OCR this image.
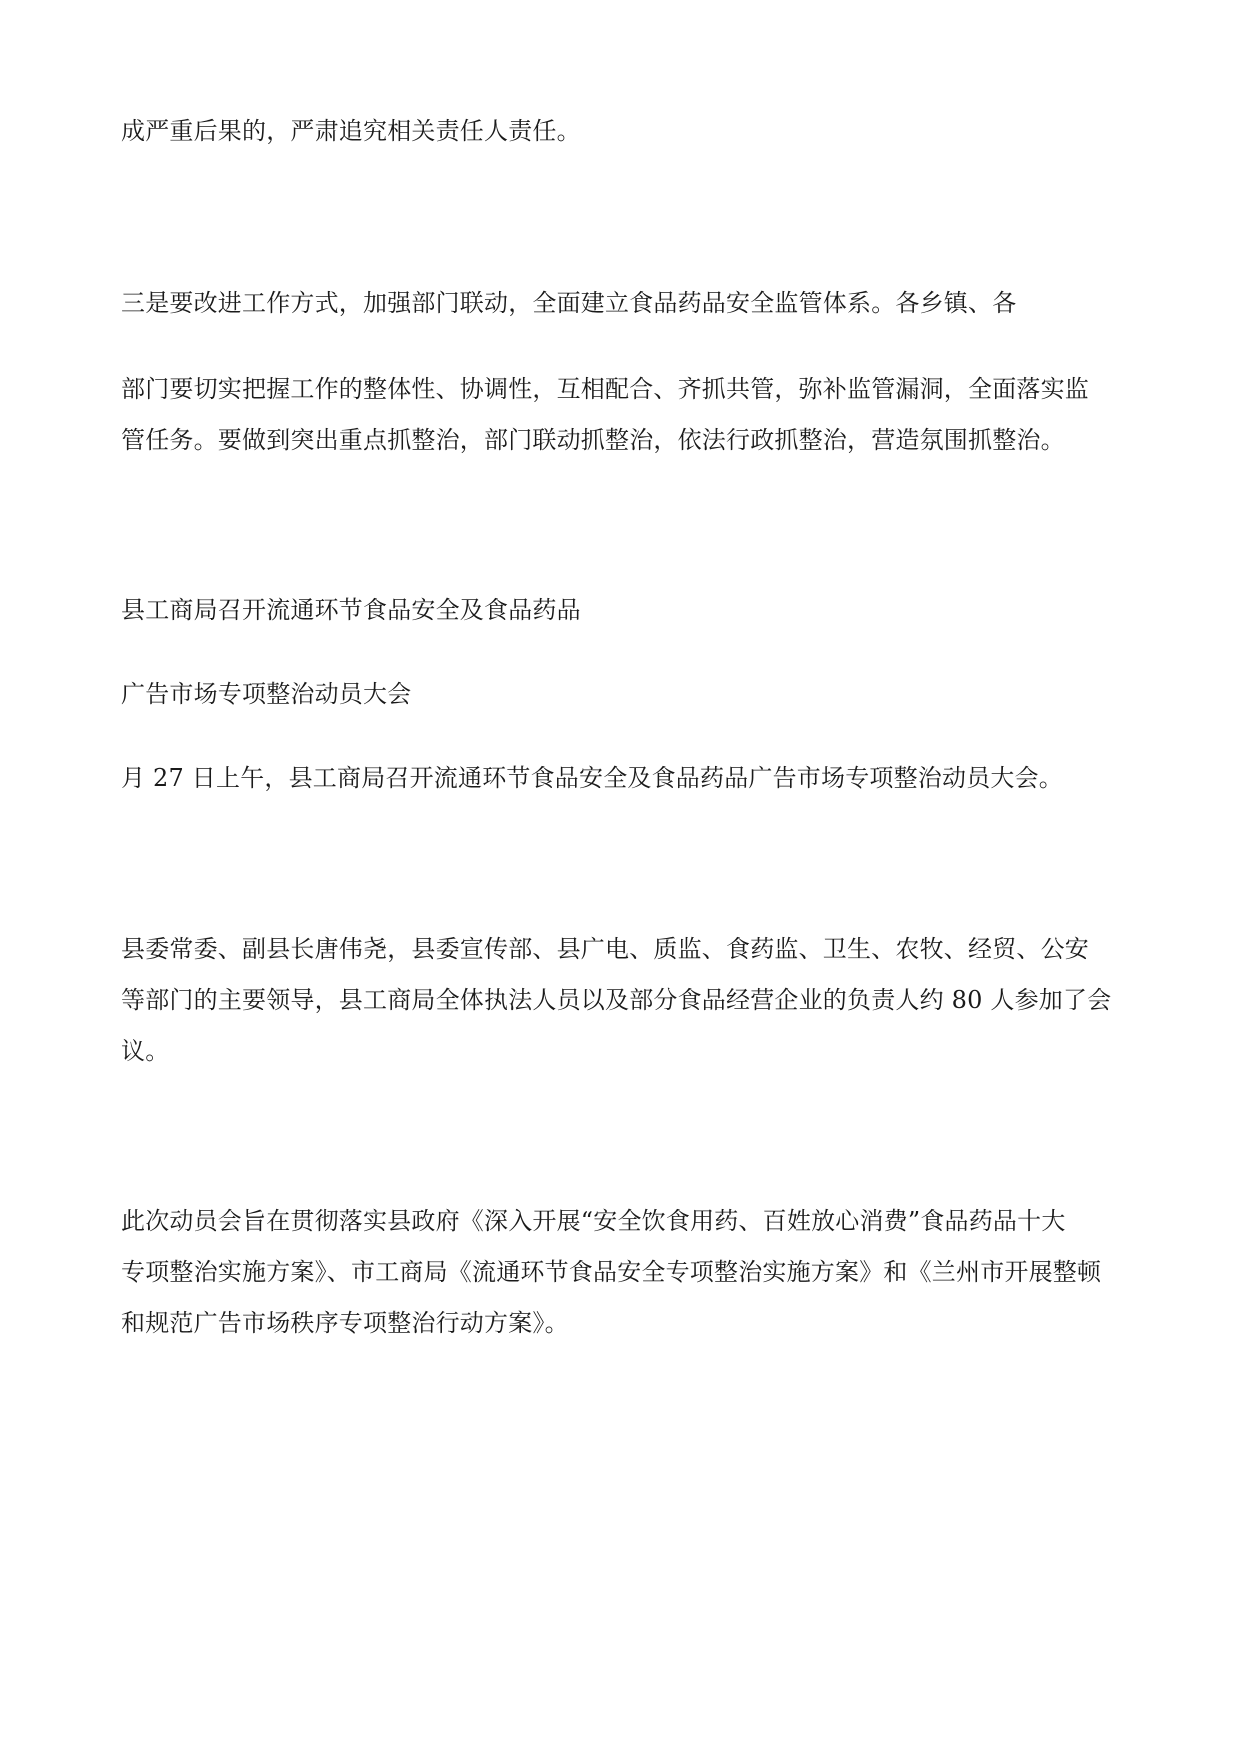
成严重后果的，严肃追究相关责任人责任。
三是要改进工作方式，加强部门联动，全面建立食品药品安全监管体系。各乡镇、各
部门要切实把握工作的整体性、协调性，互相配合、齐抓共管，弥补监管漏洞，全面落实监
管任务。要做到突出重点抓整治，部门联动抓整治，依法行政抓整治，营造氛围抓整治。
县工商局召开流通环节食品安全及食品药品
广告市场专项整治动员大会
月 27 日上午，县工商局召开流通环节食品安全及食品药品广告市场专项整治动员大会。
县委常委、副县长唐伟尧，县委宣传部、县广电、质监、食药监、卫生、农牧、经贸、公安
等部门的主要领导，县工商局全体执法人员以及部分食品经营企业的负责人约 80 人参加了会
议。
此次动员会旨在贯彻落实县政府《深入开展“安全饮食用药、百姓放心消费”食品药品十大
专项整治实施方案》、市工商局《流通环节食品安全专项整治实施方案》和《兰州市开展整顿
和规范广告市场秩序专项整治行动方案》。
